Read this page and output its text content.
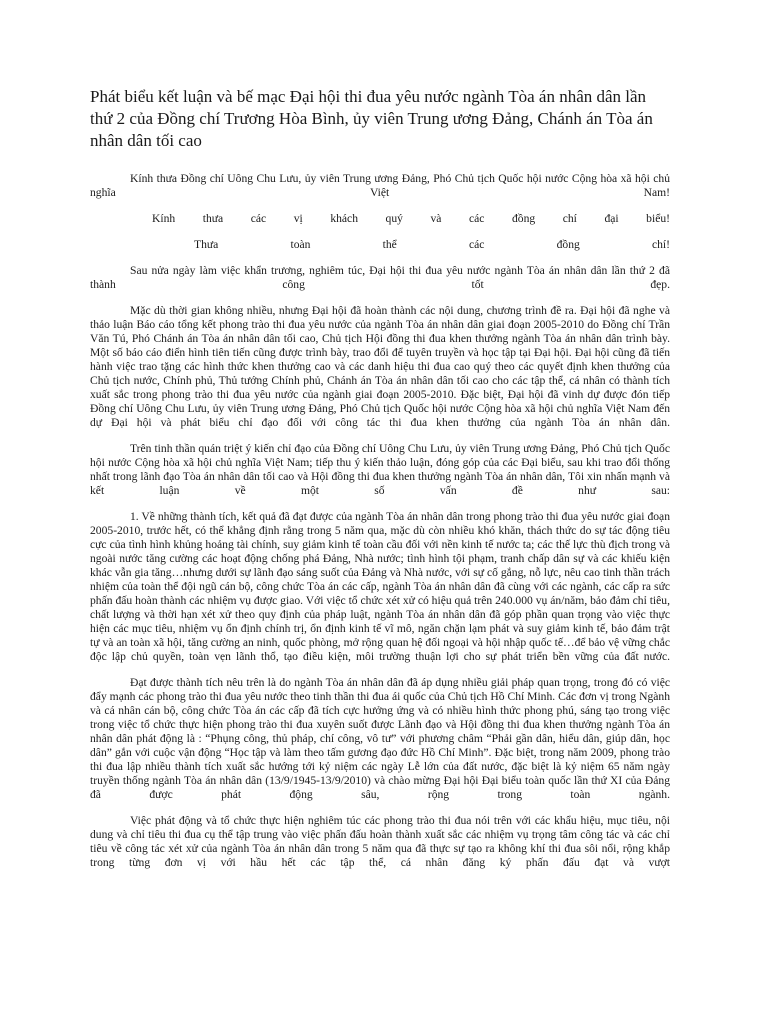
Phát biểu kết luận và bế mạc Đại hội thi đua yêu nước ngành Tòa án nhân dân lần thứ 2 của Đồng chí Trương Hòa Bình, ủy viên Trung ương Đảng, Chánh án Tòa án nhân dân tối cao

Kính thưa Đồng chí Uông Chu Lưu, ủy viên Trung ương Đảng, Phó Chủ tịch Quốc hội nước Cộng hòa xã hội chủ nghĩa Việt Nam!

Kính thưa các vị khách quý và các đồng chí đại biểu!

Thưa toàn thể các đồng chí!

Sau nửa ngày làm việc khẩn trương, nghiêm túc, Đại hội thi đua yêu nước ngành Tòa án nhân dân lần thứ 2 đã thành công tốt đẹp.

Mặc dù thời gian không nhiều, nhưng Đại hội đã hoàn thành các nội dung, chương trình đề ra. Đại hội đã nghe và thảo luận Báo cáo tổng kết phong trào thi đua yêu nước của ngành Tòa án nhân dân giai đoạn 2005-2010 do Đồng chí Trần Văn Tú, Phó Chánh án Tòa án nhân dân tối cao, Chủ tịch Hội đồng thi đua khen thưởng ngành Tòa án nhân dân trình bày. Một số báo cáo điển hình tiên tiến cũng được trình bày, trao đổi để tuyên truyền và học tập tại Đại hội. Đại hội cũng đã tiến hành việc trao tặng các hình thức khen thưởng cao và các danh hiệu thi đua cao quý theo các quyết định khen thưởng của Chủ tịch nước, Chính phủ, Thủ tướng Chính phủ, Chánh án Tòa án nhân dân tối cao cho các tập thể, cá nhân có thành tích xuất sắc trong phong trào thi đua yêu nước của ngành giai đoạn 2005-2010. Đặc biệt, Đại hội đã vinh dự được đón tiếp Đồng chí Uông Chu Lưu, ủy viên Trung ương Đảng, Phó Chủ tịch Quốc hội nước Cộng hòa xã hội chủ nghĩa Việt Nam đến dự Đại hội và phát biểu chỉ đạo đối với công tác thi đua khen thưởng của ngành Tòa án nhân dân.

Trên tinh thần quán triệt ý kiến chỉ đạo của Đồng chí Uông Chu Lưu, ủy viên Trung ương Đảng, Phó Chủ tịch Quốc hội nước Cộng hòa xã hội chủ nghĩa Việt Nam; tiếp thu ý kiến thảo luận, đóng góp của các Đại biểu, sau khi trao đổi thống nhất trong lãnh đạo Tòa án nhân dân tối cao và Hội đồng thi đua khen thưởng ngành Tòa án nhân dân, Tôi xin nhấn mạnh và kết luận về một số vấn đề như sau:

1. Về những thành tích, kết quả đã đạt được của ngành Tòa án nhân dân trong phong trào thi đua yêu nước giai đoạn 2005-2010, trước hết, có thể khẳng định rằng trong 5 năm qua, mặc dù còn nhiều khó khăn, thách thức do sự tác động tiêu cực của tình hình khủng hoảng tài chính, suy giảm kinh tế toàn cầu đối với nền kinh tế nước ta; các thế lực thù địch trong và ngoài nước tăng cường các hoạt động chống phá Đảng, Nhà nước; tình hình tội phạm, tranh chấp dân sự và các khiếu kiện khác vẫn gia tăng…nhưng dưới sự lãnh đạo sáng suốt của Đảng và Nhà nước, với sự cố gắng, nỗ lực, nêu cao tinh thần trách nhiệm của toàn thể đội ngũ cán bộ, công chức Tòa án các cấp, ngành Tòa án nhân dân đã cùng với các ngành, các cấp ra sức phấn đấu hoàn thành các nhiệm vụ được giao. Với việc tổ chức xét xử có hiệu quả trên 240.000 vụ án/năm, bảo đảm chỉ tiêu, chất lượng và thời hạn xét xử theo quy định của pháp luật, ngành Tòa án nhân dân đã góp phần quan trọng vào việc thực hiện các mục tiêu, nhiệm vụ ổn định chính trị, ổn định kinh tế vĩ mô, ngăn chặn lạm phát và suy giảm kinh tế, bảo đảm trật tự và an toàn xã hội, tăng cường an ninh, quốc phòng, mở rộng quan hệ đối ngoại và hội nhập quốc tế…để bảo vệ vững chắc độc lập chủ quyền, toàn vẹn lãnh thổ, tạo điều kiện, môi trường thuận lợi cho sự phát triển bền vững của đất nước.

Đạt được thành tích nêu trên là do ngành Tòa án nhân dân đã áp dụng nhiều giải pháp quan trọng, trong đó có việc đẩy mạnh các phong trào thi đua yêu nước theo tinh thần thi đua ái quốc của Chủ tịch Hồ Chí Minh. Các đơn vị trong Ngành và cá nhân cán bộ, công chức Tòa án các cấp đã tích cực hưởng ứng và có nhiều hình thức phong phú, sáng tạo trong việc trong việc tổ chức thực hiện phong trào thi đua xuyên suốt được Lãnh đạo và Hội đồng thi đua khen thưởng ngành Tòa án nhân dân phát động là : “Phụng công, thủ pháp, chí công, vô tư” với phương châm “Phải gần dân, hiểu dân, giúp dân, học dân” gắn với cuộc vận động “Học tập và làm theo tấm gương đạo đức Hồ Chí Minh”. Đặc biệt, trong năm 2009, phong trào thi đua lập nhiều thành tích xuất sắc hướng tới kỷ niệm các ngày Lễ lớn của đất nước, đặc biệt là kỷ niệm 65 năm ngày truyền thống ngành Tòa án nhân dân (13/9/1945-13/9/2010) và chào mừng Đại hội Đại biểu toàn quốc lần thứ XI của Đảng đã được phát động sâu, rộng trong toàn ngành.

Việc phát động và tổ chức thực hiện nghiêm túc các phong trào thi đua nói trên với các khẩu hiệu, mục tiêu, nội dung và chỉ tiêu thi đua cụ thể tập trung vào việc phấn đấu hoàn thành xuất sắc các nhiệm vụ trọng tâm công tác và các chỉ tiêu về công tác xét xử của ngành Tòa án nhân dân trong 5 năm qua đã thực sự tạo ra không khí thi đua sôi nổi, rộng khắp trong từng đơn vị với hầu hết các tập thể, cá nhân đăng ký phấn đấu đạt và vượt
